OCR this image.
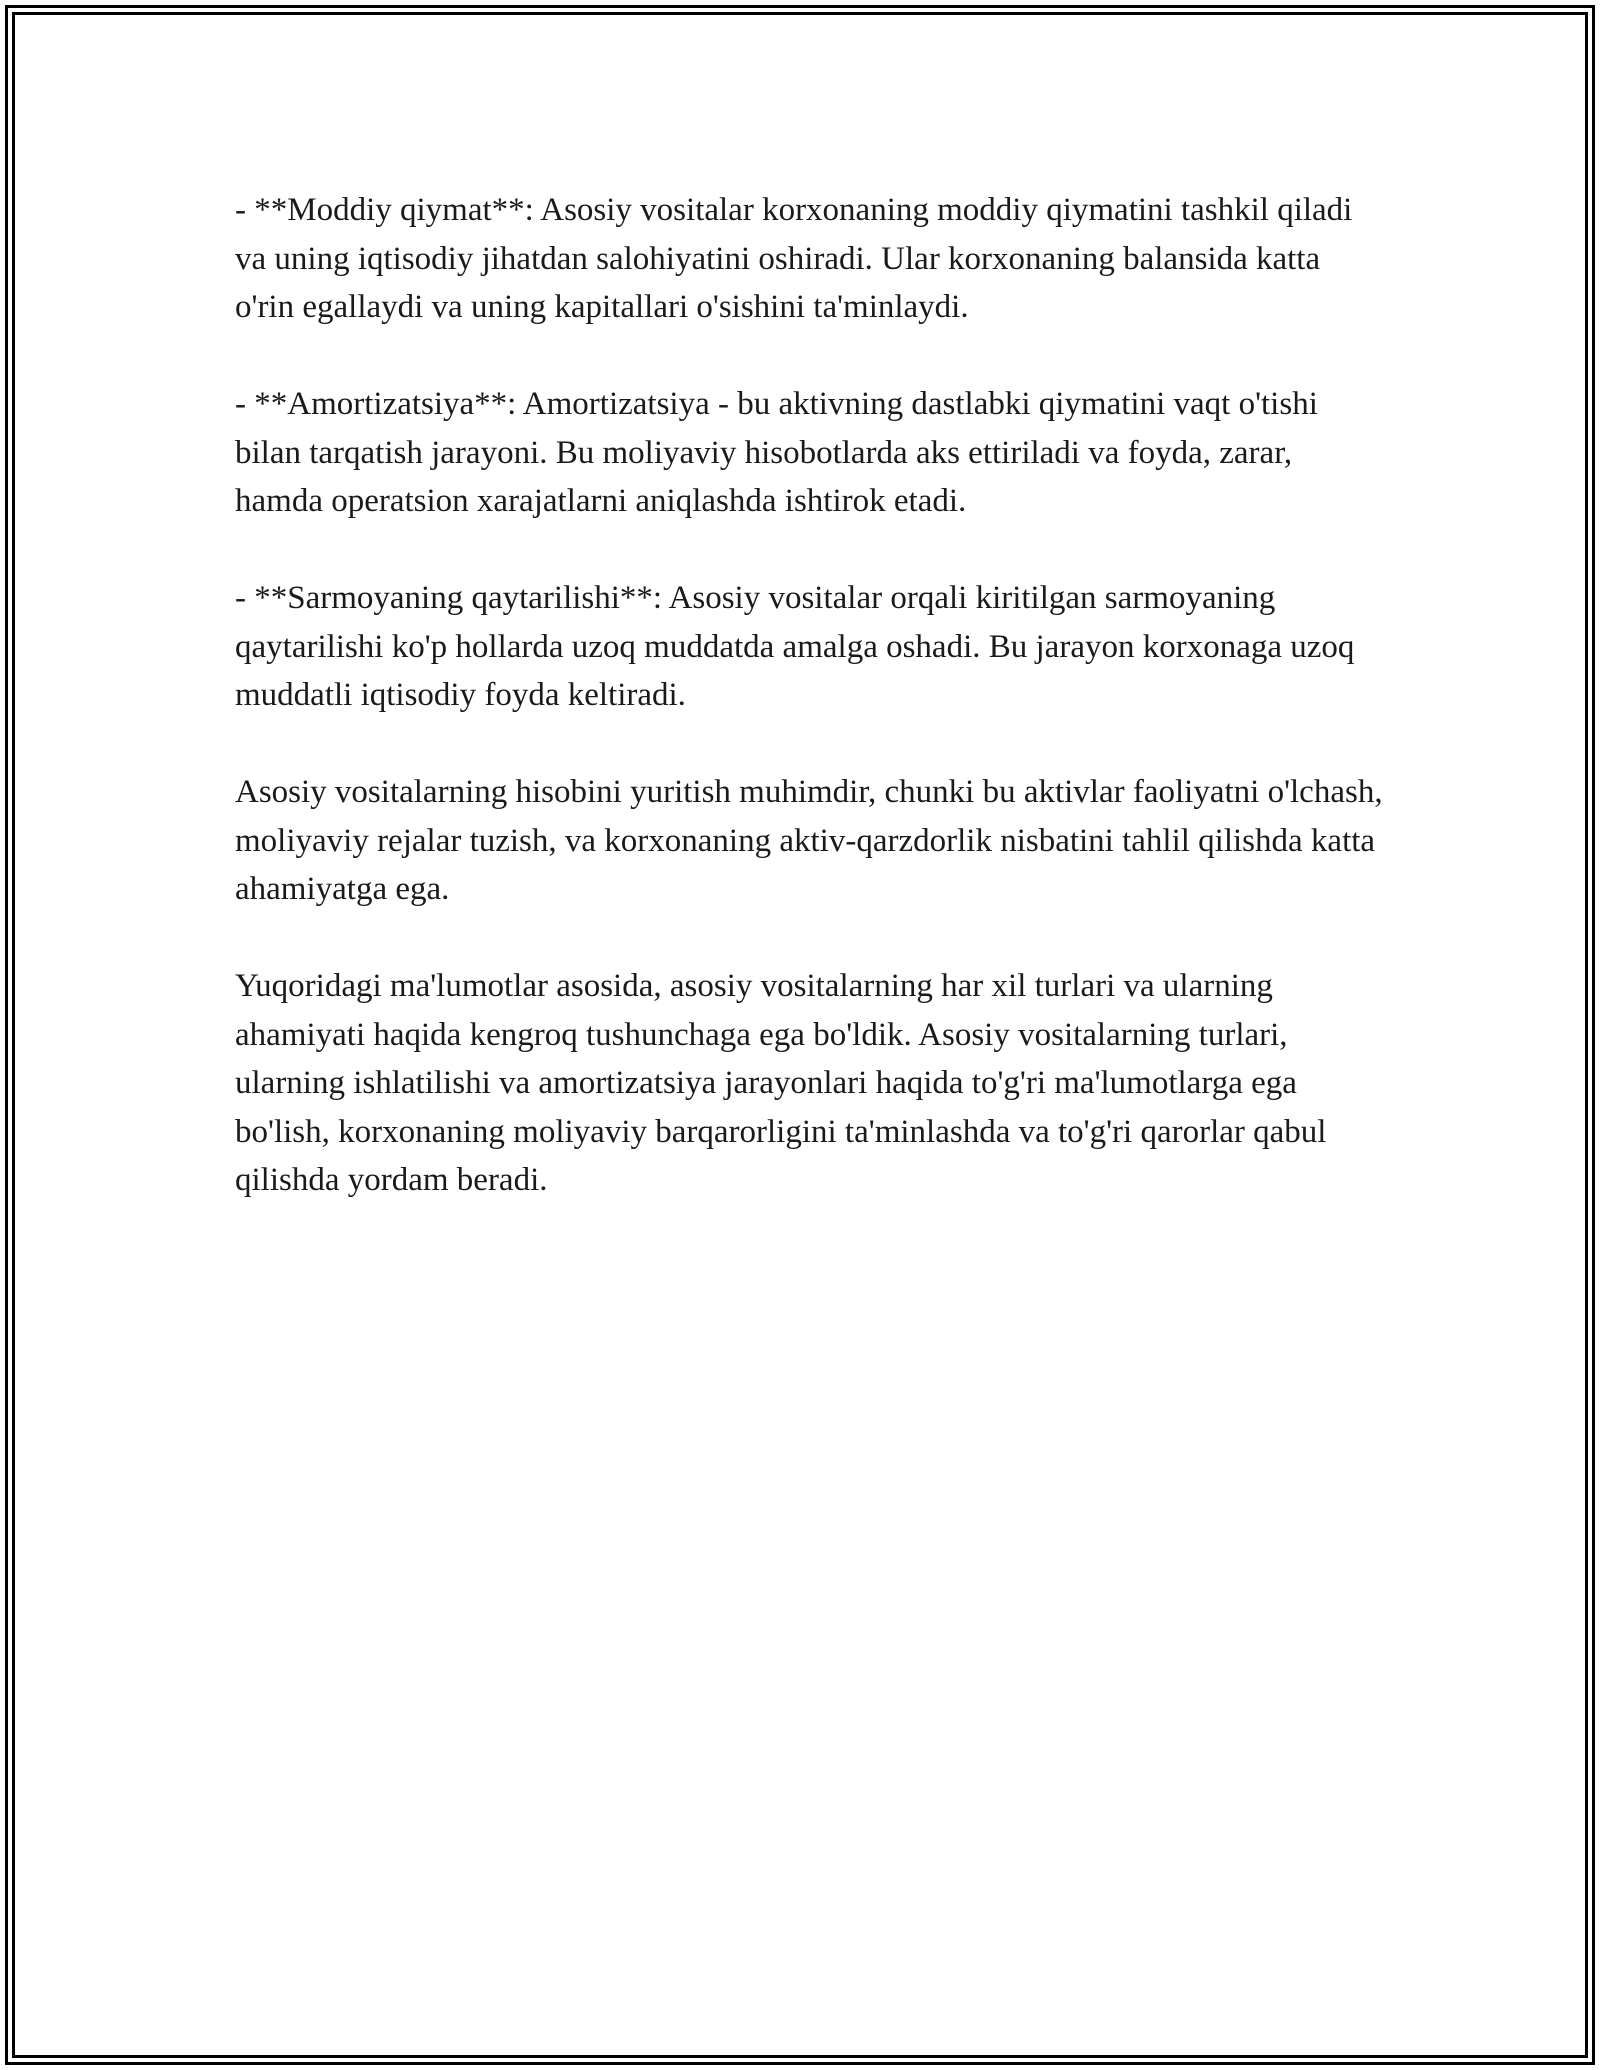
- **Moddiy qiymat**: Asosiy vositalar korxonaning moddiy qiymatini tashkil qiladi va uning iqtisodiy jihatdan salohiyatini oshiradi. Ular korxonaning balansida katta o'rin egallaydi va uning kapitallari o'sishini ta'minlaydi.

- **Amortizatsiya**: Amortizatsiya - bu aktivning dastlabki qiymatini vaqt o'tishi bilan tarqatish jarayoni. Bu moliyaviy hisobotlarda aks ettiriladi va foyda, zarar, hamda operatsion xarajatlarni aniqlashda ishtirok etadi.

- **Sarmoyaning qaytarilishi**: Asosiy vositalar orqali kiritilgan sarmoyaning qaytarilishi ko'p hollarda uzoq muddatda amalga oshadi. Bu jarayon korxonaga uzoq muddatli iqtisodiy foyda keltiradi.

Asosiy vositalarning hisobini yuritish muhimdir, chunki bu aktivlar faoliyatni o'lchash, moliyaviy rejalar tuzish, va korxonaning aktiv-qarzdorlik nisbatini tahlil qilishda katta ahamiyatga ega.

Yuqoridagi ma'lumotlar asosida, asosiy vositalarning har xil turlari va ularning ahamiyati haqida kengroq tushunchaga ega bo'ldik. Asosiy vositalarning turlari, ularning ishlatilishi va amortizatsiya jarayonlari haqida to'g'ri ma'lumotlarga ega bo'lish, korxonaning moliyaviy barqarorligini ta'minlashda va to'g'ri qarorlar qabul qilishda yordam beradi.
